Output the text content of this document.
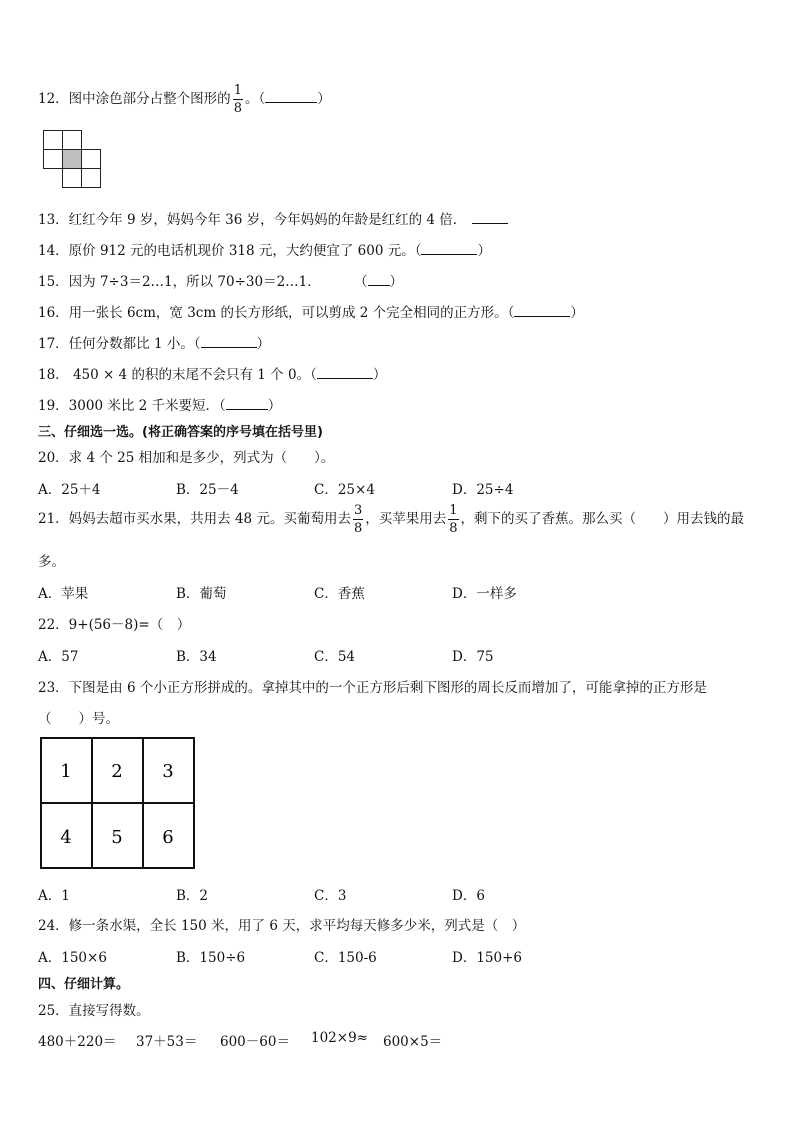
12．图中涂色部分占整个图形的 $\frac{1}{8}$ 。（	）
13．红红今年 9 岁，妈妈今年 36 岁，今年妈妈的年龄是红红的 4 倍．
14．原价 912 元的电话机现价 318 元，大约便宜了 600 元。（	）
15．因为 7÷3＝2…1，所以 70÷30＝2…1．	（ ）
16．用一张长 6cm，宽 3cm 的长方形纸，可以剪成 2 个完全相同的正方形。（	）
17．任何分数都比 1 小。（	）
18． 450 × 4 的积的末尾不会只有 1 个 0。（	）
19．3000 米比 2 千米要短．（	）
三、仔细选一选。(将正确答案的序号填在括号里)
20．求 4 个 25 相加和是多少，列式为（　　）。
A．25＋4	B．25－4	C．25×4	D．25÷4
21．妈妈去超市买水果，共用去 48 元。买葡萄用去 $\frac{3}{8}$ ，买苹果用去 $\frac{1}{8}$ ，剩下的买了香蕉。那么买（　　）用去钱的最
多。
A．苹果	B．葡萄	C．香蕉	D．一样多
22．9+(56－8)=（　）
A．57	B．34	C．54	D．75
23．下图是由 6 个小正方形拼成的。拿掉其中的一个正方形后剩下图形的周长反而增加了，可能拿掉的正方形是
（　　）号。
1 2 3
4 5 6
A．1	B．2	C．3	D．6
24．修一条水渠，全长 150 米，用了 6 天，求平均每天修多少米，列式是（　）
A．150×6	B．150÷6	C．150-6	D．150+6
四、仔细计算。
25．直接写得数。
480＋220＝ 37＋53＝ 600－60＝ 102×9≈ 600×5＝
